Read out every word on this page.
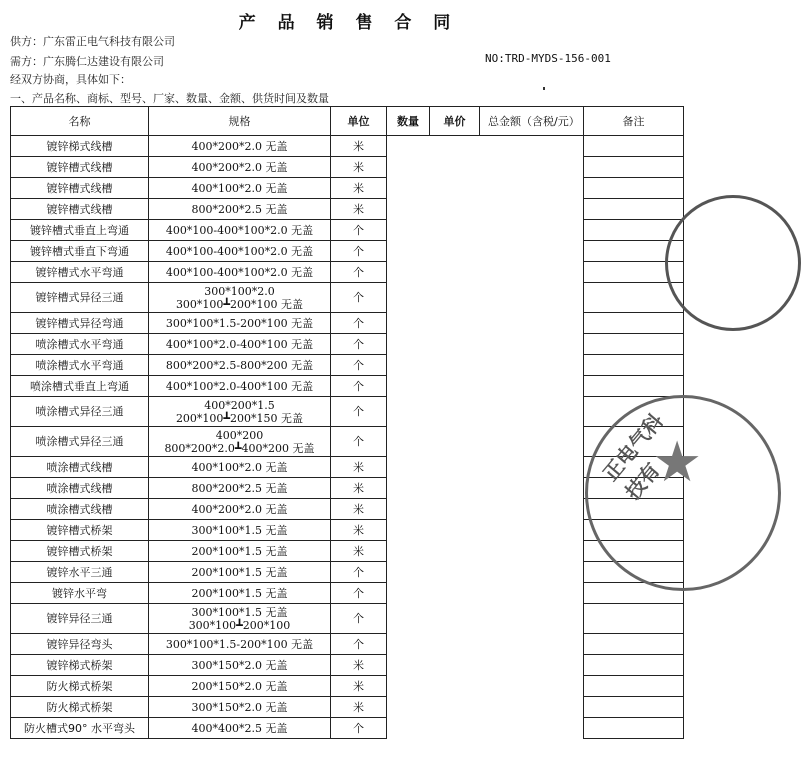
产 品 销 售 合 同
供方：广东雷正电气科技有限公司
需方：广东腾仁达建设有限公司	NO:TRD-MYDS-156-001
经双方协商，具体如下：
一、产品名称、商标、型号、厂家、数量、金额、供货时间及数量
名称	规格	单位	数量	单价	总金额（含税/元）	备注
镀锌梯式线槽	400*200*2.0 无盖	米				
镀锌槽式线槽	400*200*2.0 无盖	米				
镀锌槽式线槽	400*100*2.0 无盖	米				
镀锌槽式线槽	800*200*2.5 无盖	米				
镀锌槽式垂直上弯通	400*100-400*100*2.0 无盖	个				
镀锌槽式垂直下弯通	400*100-400*100*2.0 无盖	个				
镀锌槽式水平弯通	400*100-400*100*2.0 无盖	个				
镀锌槽式异径三通	300*100*2.0
300*100┻200*100 无盖	个				
镀锌槽式异径弯通	300*100*1.5-200*100 无盖	个				
喷涂槽式水平弯通	400*100*2.0-400*100 无盖	个				
喷涂槽式水平弯通	800*200*2.5-800*200 无盖	个				
喷涂槽式垂直上弯通	400*100*2.0-400*100 无盖	个				
喷涂槽式异径三通	400*200*1.5
200*100┻200*150 无盖	个				
喷涂槽式异径三通	400*200
800*200*2.0┻400*200 无盖	个				
喷涂槽式线槽	400*100*2.0 无盖	米				
喷涂槽式线槽	800*200*2.5 无盖	米				
喷涂槽式线槽	400*200*2.0 无盖	米				
镀锌槽式桥架	300*100*1.5 无盖	米				
镀锌槽式桥架	200*100*1.5 无盖	米				
镀锌水平三通	200*100*1.5 无盖	个				
镀锌水平弯	200*100*1.5 无盖	个				
镀锌异径三通	300*100*1.5 无盖
300*100┻200*100	个				
镀锌异径弯头	300*100*1.5-200*100 无盖	个				
镀锌梯式桥架	300*150*2.0 无盖	米				
防火梯式桥架	200*150*2.0 无盖	米				
防火梯式桥架	300*150*2.0 无盖	米				
防火槽式90° 水平弯头	400*400*2.5 无盖	个				
★
正电气科技有
